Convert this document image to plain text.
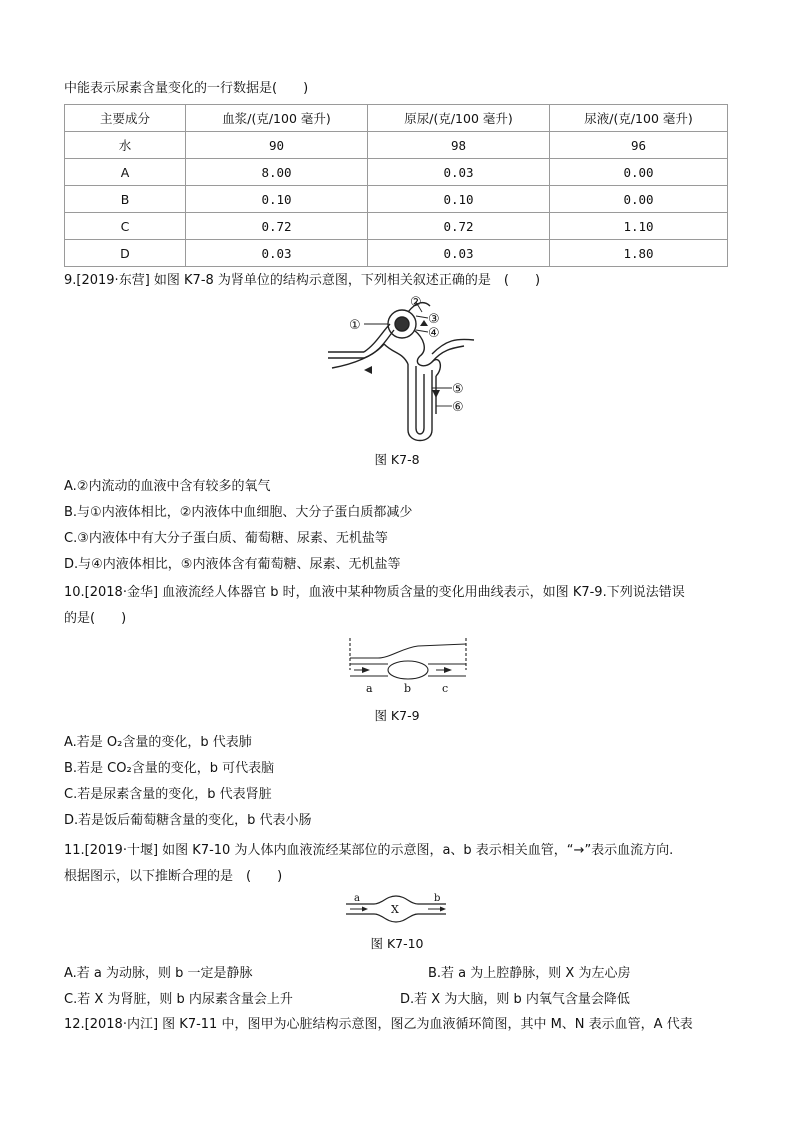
中能表示尿素含量变化的一行数据是(　　)
主要成分	血浆/(克/100 毫升)	原尿/(克/100 毫升)	尿液/(克/100 毫升)
水	90	98	96
A	8.00	0.03	0.00
B	0.10	0.10	0.00
C	0.72	0.72	1.10
D	0.03	0.03	1.80
9.[2019·东营] 如图 K7-8 为肾单位的结构示意图，下列相关叙述正确的是　(　　)
①
②
③
④
⑤
⑥
图 K7-8
A.②内流动的血液中含有较多的氧气
B.与①内液体相比，②内液体中血细胞、大分子蛋白质都减少
C.③内液体中有大分子蛋白质、葡萄糖、尿素、无机盐等
D.与④内液体相比，⑤内液体含有葡萄糖、尿素、无机盐等
10.[2018·金华] 血液流经人体器官 b 时，血液中某种物质含量的变化用曲线表示，如图 K7-9.下列说法错误
的是(　　)
a	b	c
图 K7-9
A.若是 O₂含量的变化，b 代表肺
B.若是 CO₂含量的变化，b 可代表脑
C.若是尿素含量的变化，b 代表肾脏
D.若是饭后葡萄糖含量的变化，b 代表小肠
11.[2019·十堰] 如图 K7-10 为人体内血液流经某部位的示意图，a、b 表示相关血管，“→”表示血流方向.
根据图示，以下推断合理的是　(　　)
a
X
b
图 K7-10
A.若 a 为动脉，则 b 一定是静脉	B.若 a 为上腔静脉，则 X 为左心房
C.若 X 为肾脏，则 b 内尿素含量会上升	D.若 X 为大脑，则 b 内氧气含量会降低
12.[2018·内江] 图 K7-11 中，图甲为心脏结构示意图，图乙为血液循环简图，其中 M、N 表示血管，A 代表
